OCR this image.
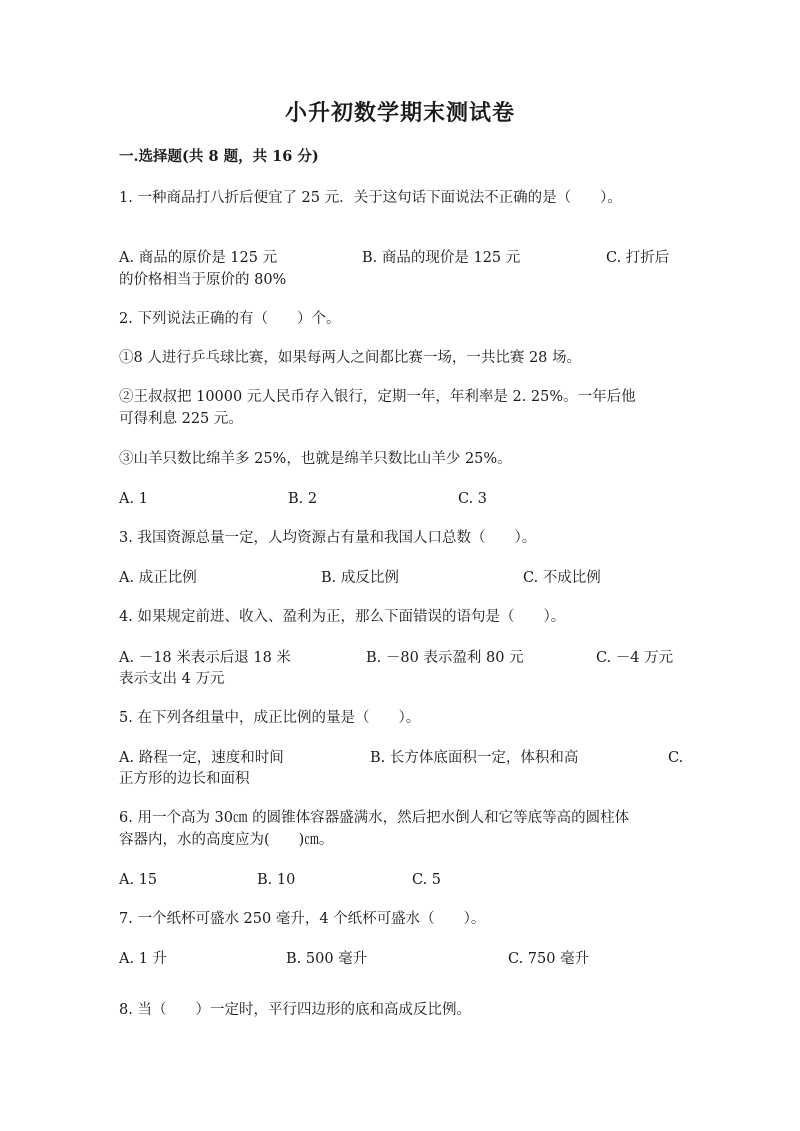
小升初数学期末测试卷
一.选择题(共 8 题，共 16 分)
1. 一种商品打八折后便宜了 25 元．关于这句话下面说法不正确的是（　　）。
A. 商品的原价是 125 元	B. 商品的现价是 125 元	C. 打折后
的价格相当于原价的 80%
2. 下列说法正确的有（　　）个。
①8 人进行乒乓球比赛，如果每两人之间都比赛一场，一共比赛 28 场。
②王叔叔把 10000 元人民币存入银行，定期一年，年利率是 2. 25%。一年后他
可得利息 225 元。
③山羊只数比绵羊多 25%，也就是绵羊只数比山羊少 25%。
A. 1	B. 2	C. 3
3. 我国资源总量一定，人均资源占有量和我国人口总数（　　）。
A. 成正比例	B. 成反比例	C. 不成比例
4. 如果规定前进、收入、盈利为正，那么下面错误的语句是（　　）。
A. －18 米表示后退 18 米	B. －80 表示盈利 80 元	C. －4 万元
表示支出 4 万元
5. 在下列各组量中，成正比例的量是（　　）。
A. 路程一定，速度和时间	B. 长方体底面积一定，体积和高	C.
正方形的边长和面积
6. 用一个高为 30㎝ 的圆锥体容器盛满水，然后把水倒人和它等底等高的圆柱体
容器内，水的高度应为(　　)㎝。
A. 15	B. 10	C. 5
7. 一个纸杯可盛水 250 毫升，4 个纸杯可盛水（　　）。
A. 1 升	B. 500 毫升	C. 750 毫升
8. 当（　　）一定时，平行四边形的底和高成反比例。
